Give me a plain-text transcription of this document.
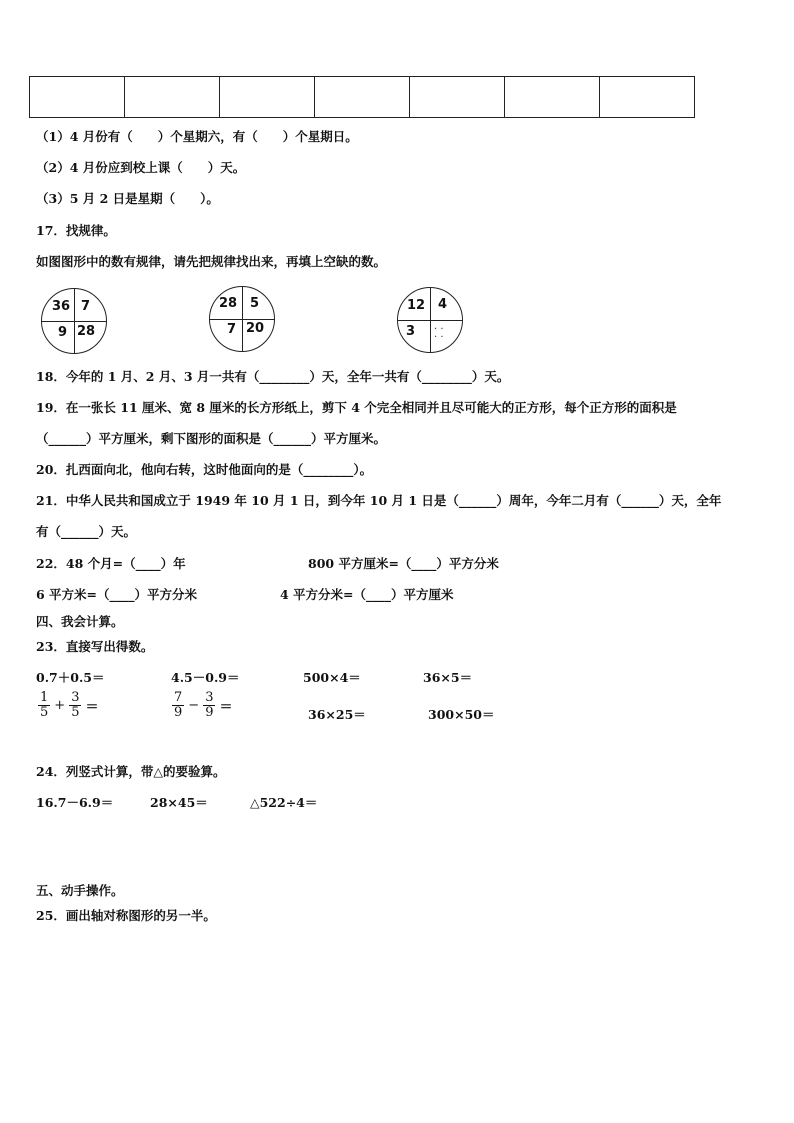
（1）4 月份有（　　）个星期六，有（　　）个星期日。
（2）4 月份应到校上课（　　）天。
（3）5 月 2 日是星期（　　）。
17．找规律。
如图图形中的数有规律，请先把规律找出来，再填上空缺的数。
36 7
9 28
28 5
7 20
12 4
3 · ·
· ·
18．今年的 1 月、2 月、3 月一共有（________）天，全年一共有（________）天。
19．在一张长 11 厘米、宽 8 厘米的长方形纸上，剪下 4 个完全相同并且尽可能大的正方形，每个正方形的面积是
（______）平方厘米，剩下图形的面积是（______）平方厘米。
20．扎西面向北，他向右转，这时他面向的是（________）。
21．中华人民共和国成立于 1949 年 10 月 1 日，到今年 10 月 1 日是（______）周年，今年二月有（______）天，全年
有（______）天。
22．48 个月=（____）年	800 平方厘米=（____）平方分米
6 平方米=（____）平方分米	4 平方分米=（____）平方厘米
四、我会计算。
23．直接写出得数。
0.7＋0.5＝	4.5－0.9＝	500×4＝	36×5＝
$\frac{1}{5} + \frac{3}{5}$ ＝	$\frac{7}{9} - \frac{3}{9}$ ＝	36×25＝	300×50＝
24．列竖式计算，带△的要验算。
16.7－6.9＝	28×45＝	△522÷4＝
五、动手操作。
25．画出轴对称图形的另一半。
